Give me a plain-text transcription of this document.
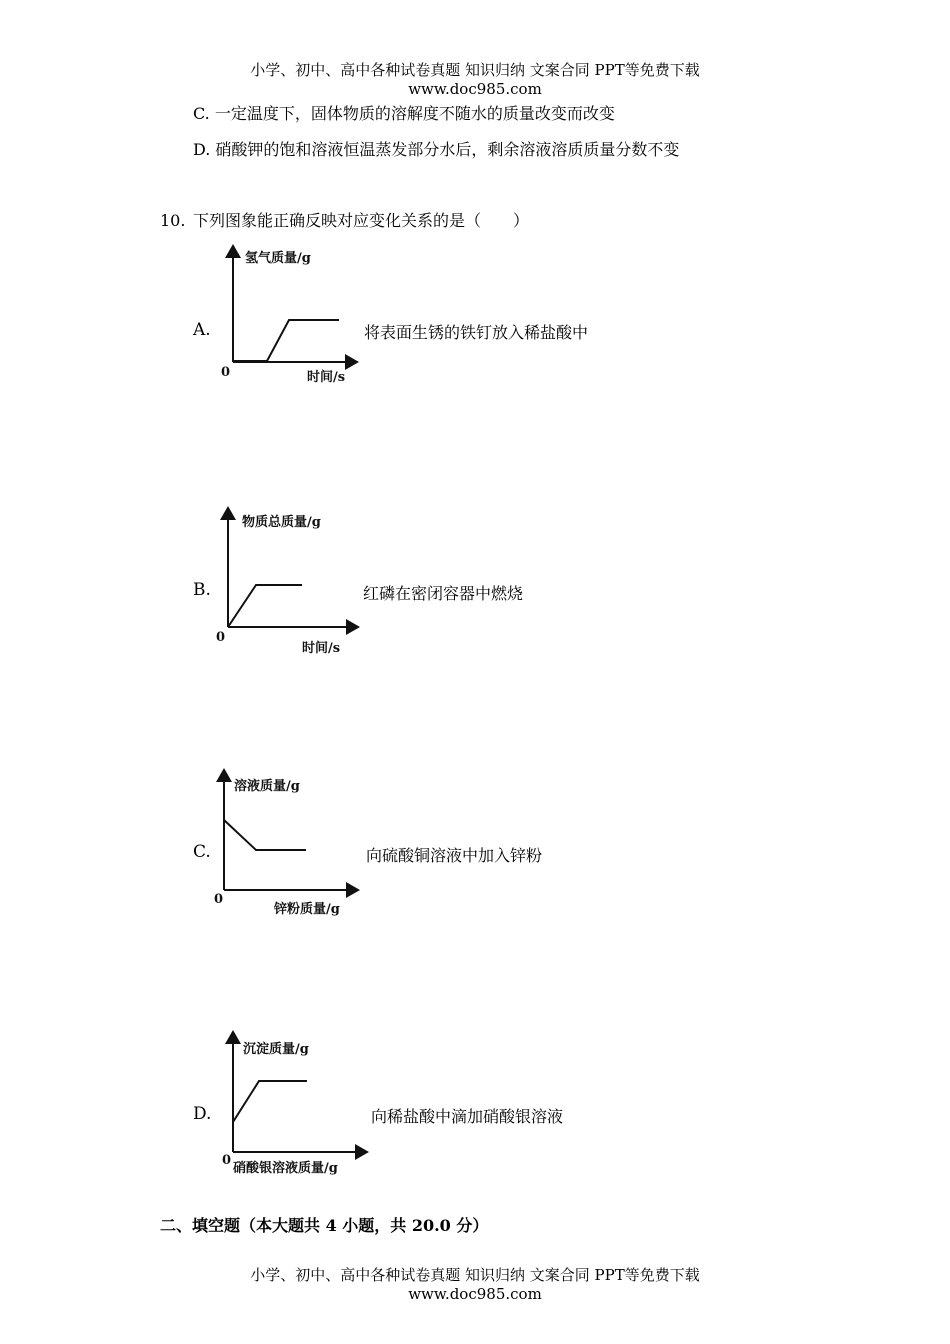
小学、初中、高中各种试卷真题 知识归纳 文案合同 PPT等免费下载
www.doc985.com
C. 一定温度下，固体物质的溶解度不随水的质量改变而改变
D. 硝酸钾的饱和溶液恒温蒸发部分水后，剩余溶液溶质质量分数不变
10. 下列图象能正确反映对应变化关系的是（　　）
A.
氢气质量/g
时间/s
0
将表面生锈的铁钉放入稀盐酸中
B.
物质总质量/g
时间/s
0
红磷在密闭容器中燃烧
C.
溶液质量/g
锌粉质量/g
0
向硫酸铜溶液中加入锌粉
D.
沉淀质量/g
硝酸银溶液质量/g
0
向稀盐酸中滴加硝酸银溶液
二、填空题（本大题共 4 小题，共 20.0 分）
小学、初中、高中各种试卷真题 知识归纳 文案合同 PPT等免费下载
www.doc985.com
